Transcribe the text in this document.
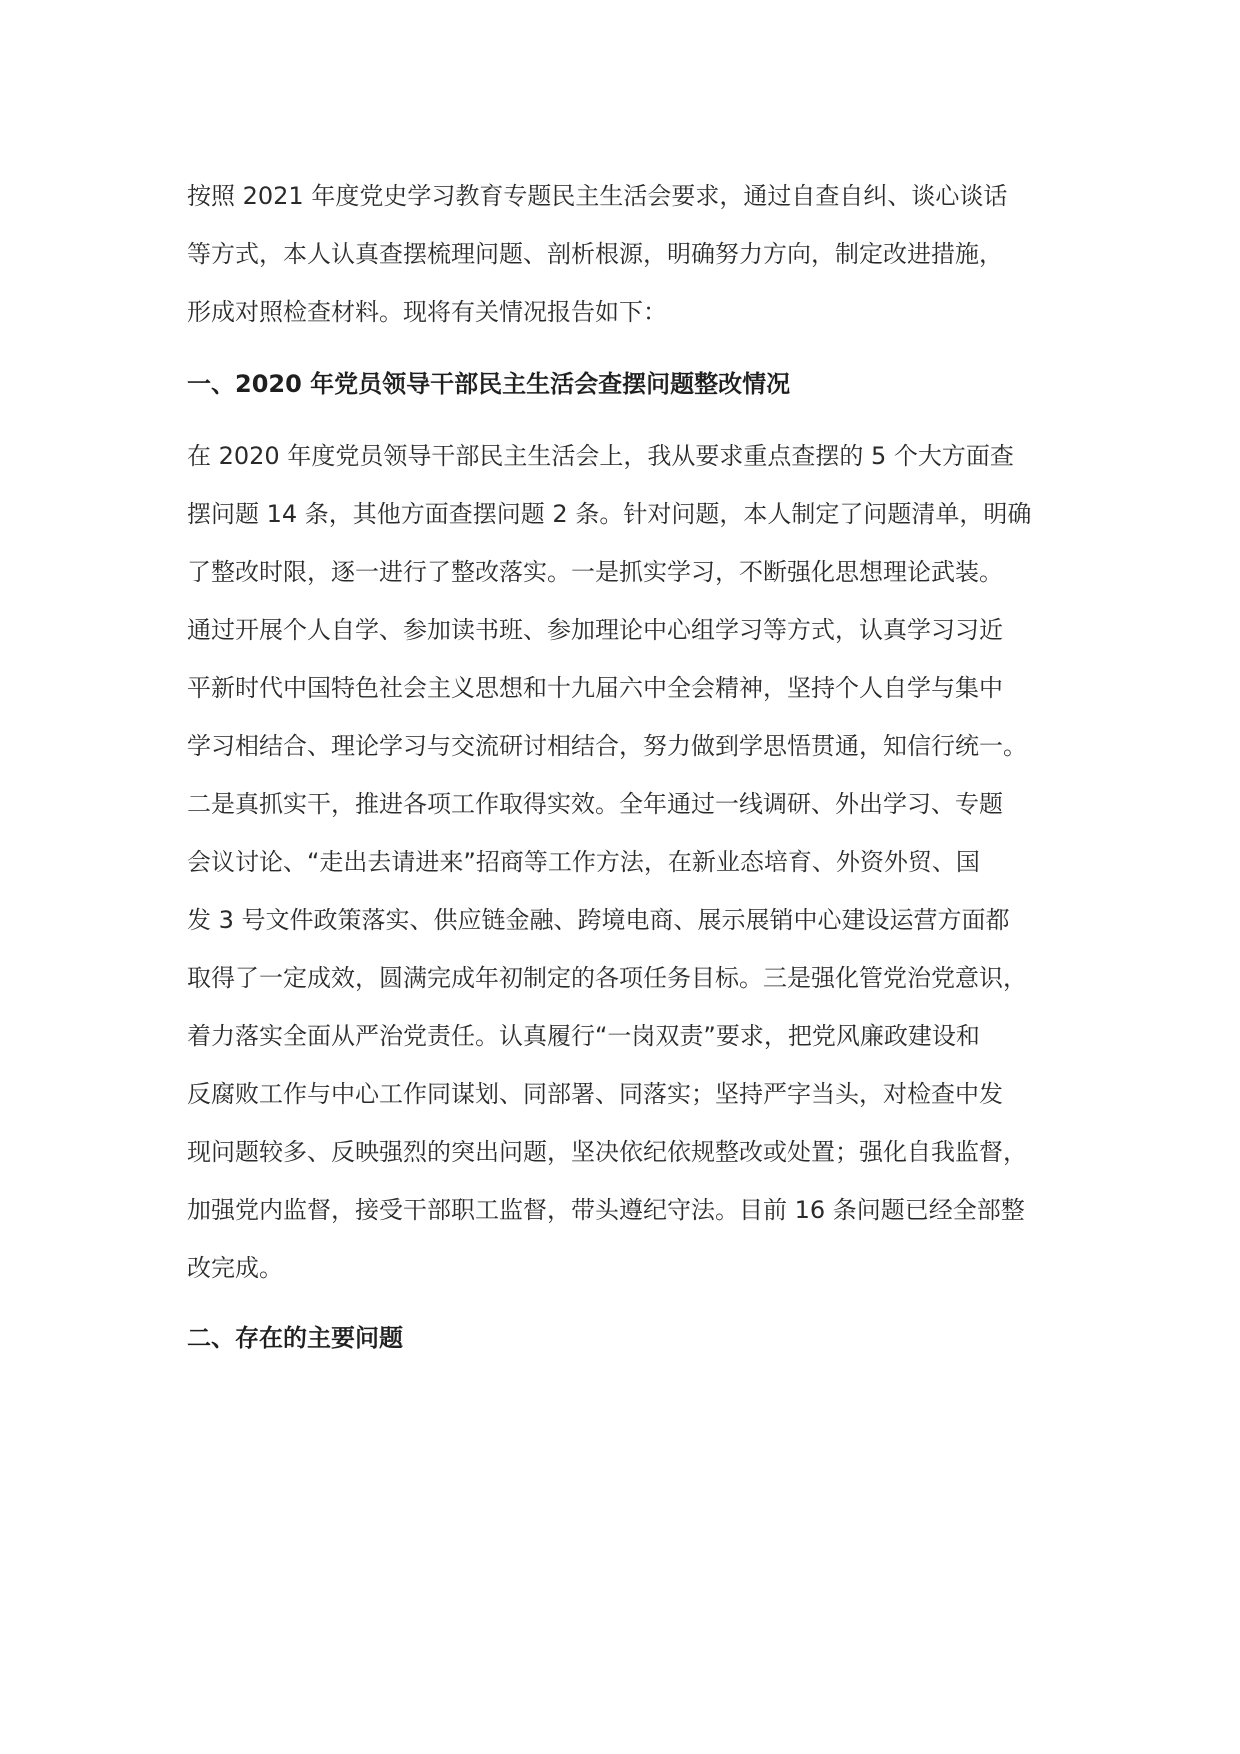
按照 2021 年度党史学习教育专题民主生活会要求，通过自查自纠、谈心谈话
等方式，本人认真查摆梳理问题、剖析根源，明确努力方向，制定改进措施，
形成对照检查材料。现将有关情况报告如下：
一、2020 年党员领导干部民主生活会查摆问题整改情况
在 2020 年度党员领导干部民主生活会上，我从要求重点查摆的 5 个大方面查
摆问题 14 条，其他方面查摆问题 2 条。针对问题，本人制定了问题清单，明确
了整改时限，逐一进行了整改落实。一是抓实学习，不断强化思想理论武装。
通过开展个人自学、参加读书班、参加理论中心组学习等方式，认真学习习近
平新时代中国特色社会主义思想和十九届六中全会精神，坚持个人自学与集中
学习相结合、理论学习与交流研讨相结合，努力做到学思悟贯通，知信行统一。
二是真抓实干，推进各项工作取得实效。全年通过一线调研、外出学习、专题
会议讨论、“走出去请进来”招商等工作方法，在新业态培育、外资外贸、国
发 3 号文件政策落实、供应链金融、跨境电商、展示展销中心建设运营方面都
取得了一定成效，圆满完成年初制定的各项任务目标。三是强化管党治党意识，
着力落实全面从严治党责任。认真履行“一岗双责”要求，把党风廉政建设和
反腐败工作与中心工作同谋划、同部署、同落实；坚持严字当头，对检查中发
现问题较多、反映强烈的突出问题，坚决依纪依规整改或处置；强化自我监督，
加强党内监督，接受干部职工监督，带头遵纪守法。目前 16 条问题已经全部整
改完成。
二、存在的主要问题
